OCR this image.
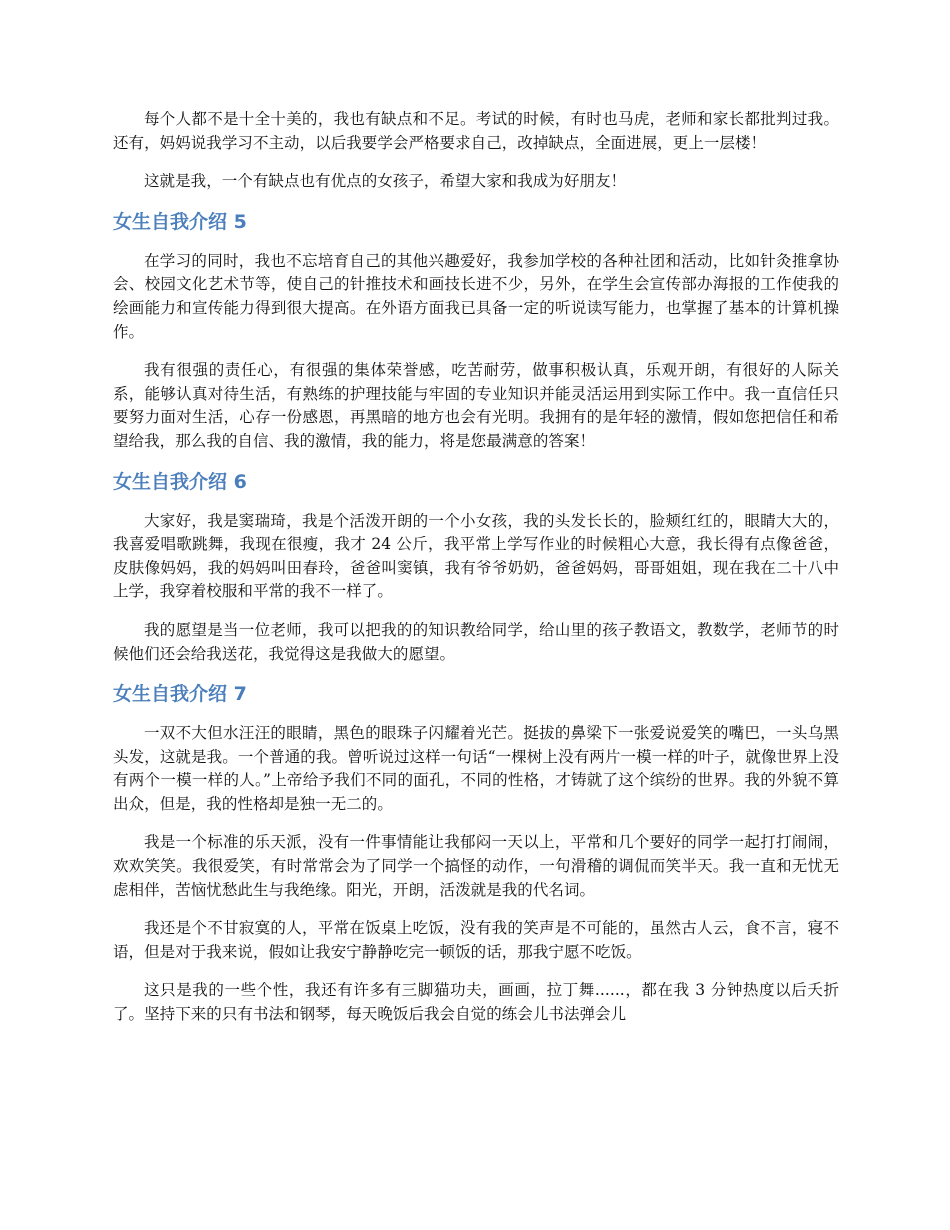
每个人都不是十全十美的，我也有缺点和不足。考试的时候，有时也马虎，老师和家长都批判过我。还有，妈妈说我学习不主动，以后我要学会严格要求自己，改掉缺点，全面进展，更上一层楼！

这就是我，一个有缺点也有优点的女孩子，希望大家和我成为好朋友！

女生自我介绍 5

在学习的同时，我也不忘培育自己的其他兴趣爱好，我参加学校的各种社团和活动，比如针灸推拿协会、校园文化艺术节等，使自己的针推技术和画技长进不少，另外，在学生会宣传部办海报的工作使我的绘画能力和宣传能力得到很大提高。在外语方面我已具备一定的听说读写能力，也掌握了基本的计算机操作。

我有很强的责任心，有很强的集体荣誉感，吃苦耐劳，做事积极认真，乐观开朗，有很好的人际关系，能够认真对待生活，有熟练的护理技能与牢固的专业知识并能灵活运用到实际工作中。我一直信任只要努力面对生活，心存一份感恩，再黑暗的地方也会有光明。我拥有的是年轻的激情，假如您把信任和希望给我，那么我的自信、我的激情，我的能力，将是您最满意的答案！

女生自我介绍 6

大家好，我是窦瑞琦，我是个活泼开朗的一个小女孩，我的头发长长的，脸颊红红的，眼睛大大的，我喜爱唱歌跳舞，我现在很瘦，我才 24 公斤，我平常上学写作业的时候粗心大意，我长得有点像爸爸，皮肤像妈妈，我的妈妈叫田春玲，爸爸叫窦镇，我有爷爷奶奶，爸爸妈妈，哥哥姐姐，现在我在二十八中上学，我穿着校服和平常的我不一样了。

我的愿望是当一位老师，我可以把我的的知识教给同学，给山里的孩子教语文，教数学，老师节的时候他们还会给我送花，我觉得这是我做大的愿望。

女生自我介绍 7

一双不大但水汪汪的眼睛，黑色的眼珠子闪耀着光芒。挺拔的鼻梁下一张爱说爱笑的嘴巴，一头乌黑头发，这就是我。一个普通的我。曾听说过这样一句话“一棵树上没有两片一模一样的叶子，就像世界上没有两个一模一样的人。”上帝给予我们不同的面孔，不同的性格，才铸就了这个缤纷的世界。我的外貌不算出众，但是，我的性格却是独一无二的。

我是一个标准的乐天派，没有一件事情能让我郁闷一天以上，平常和几个要好的同学一起打打闹闹，欢欢笑笑。我很爱笑，有时常常会为了同学一个搞怪的动作，一句滑稽的调侃而笑半天。我一直和无忧无虑相伴，苦恼忧愁此生与我绝缘。阳光，开朗，活泼就是我的代名词。

我还是个不甘寂寞的人，平常在饭桌上吃饭，没有我的笑声是不可能的，虽然古人云，食不言，寝不语，但是对于我来说，假如让我安宁静静吃完一顿饭的话，那我宁愿不吃饭。

这只是我的一些个性，我还有许多有三脚猫功夫，画画，拉丁舞......，都在我 3 分钟热度以后夭折了。坚持下来的只有书法和钢琴，每天晚饭后我会自觉的练会儿书法弹会儿
